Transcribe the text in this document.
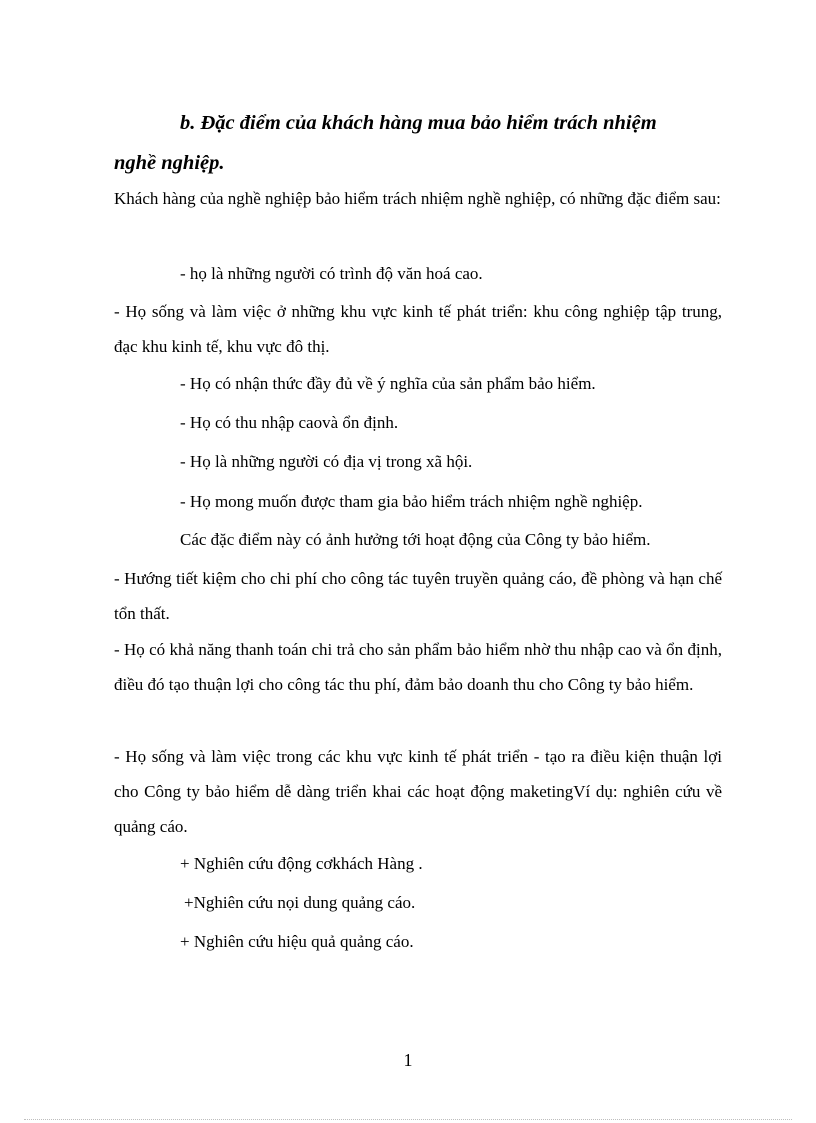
b. Đặc điểm của khách hàng mua bảo hiểm trách nhiệm
nghề nghiệp.

Khách hàng của nghề nghiệp bảo hiểm trách nhiệm nghề nghiệp, có những đặc điểm sau:

- họ là những người có trình độ văn hoá cao.

- Họ sống và làm việc ở những khu vực kinh tế phát triển: khu công nghiệp tập trung, đạc khu kinh tế, khu vực đô thị.

- Họ có nhận thức đầy đủ về ý nghĩa của sản phẩm bảo hiểm.

- Họ có thu nhập caovà ổn định.

- Họ là những người có địa vị trong xã hội.

- Họ mong muốn được tham gia bảo hiểm trách nhiệm nghề nghiệp.

Các đặc điểm này có ảnh hưởng tới hoạt động của Công ty bảo hiểm.

- Hướng tiết kiệm cho chi phí cho công tác tuyên truyền quảng cáo, đề phòng và hạn chế tổn thất.

- Họ có khả năng thanh toán chi trả cho sản phẩm bảo hiểm nhờ thu nhập cao và ổn định, điều đó tạo thuận lợi cho công tác thu phí, đảm bảo doanh thu cho Công ty bảo hiểm.

- Họ sống và làm việc trong các khu vực kinh tế phát triển - tạo ra điều kiện thuận lợi cho Công ty bảo hiểm dễ dàng triển khai các hoạt động maketingVí dụ: nghiên cứu về quảng cáo.

+ Nghiên cứu động cơkhách Hàng .

+Nghiên cứu nọi dung quảng cáo.

+ Nghiên cứu hiệu quả quảng cáo.

1
